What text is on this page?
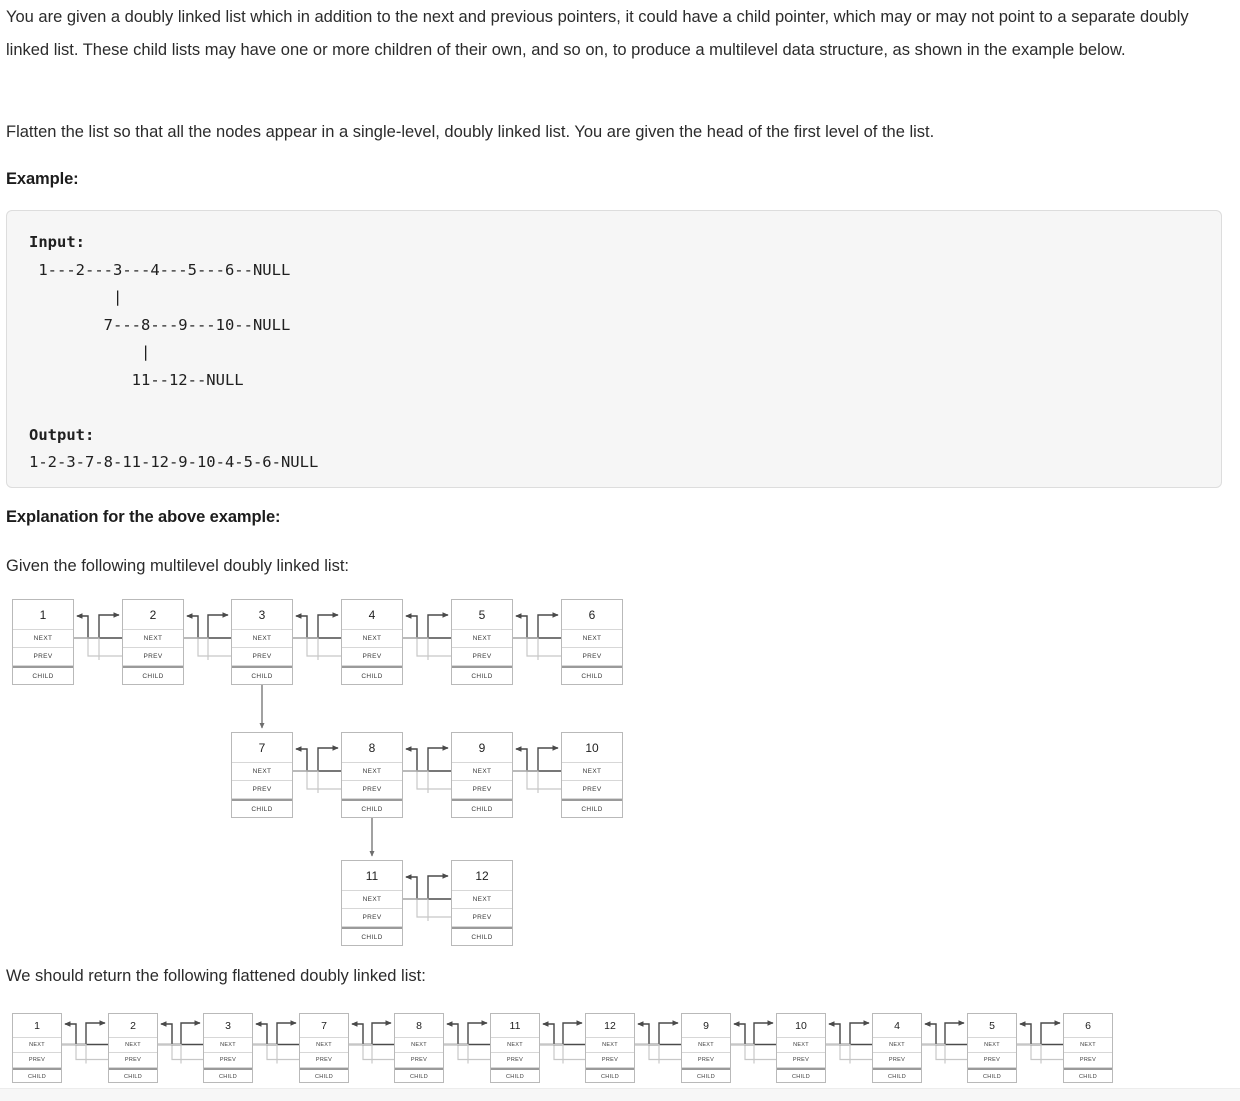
You are given a doubly linked list which in addition to the next and previous pointers, it could have a child pointer, which may or may not point to a separate doubly linked list. These child lists may have one or more children of their own, and so on, to produce a multilevel data structure, as shown in the example below.
Flatten the list so that all the nodes appear in a single-level, doubly linked list. You are given the head of the first level of the list.
Example:
Input:
1---2---3---4---5---6--NULL
|
7---8---9---10--NULL
|
11--12--NULL

Output:
1-2-3-7-8-11-12-9-10-4-5-6-NULL
Explanation for the above example:
Given the following multilevel doubly linked list:
1
NEXT
PREV
CHILD
2
NEXT
PREV
CHILD
3
NEXT
PREV
CHILD
4
NEXT
PREV
CHILD
5
NEXT
PREV
CHILD
6
NEXT
PREV
CHILD
7
NEXT
PREV
CHILD
8
NEXT
PREV
CHILD
9
NEXT
PREV
CHILD
10
NEXT
PREV
CHILD
11
NEXT
PREV
CHILD
12
NEXT
PREV
CHILD
We should return the following flattened doubly linked list:
1
NEXT
PREV
CHILD
2
NEXT
PREV
CHILD
3
NEXT
PREV
CHILD
7
NEXT
PREV
CHILD
8
NEXT
PREV
CHILD
11
NEXT
PREV
CHILD
12
NEXT
PREV
CHILD
9
NEXT
PREV
CHILD
10
NEXT
PREV
CHILD
4
NEXT
PREV
CHILD
5
NEXT
PREV
CHILD
6
NEXT
PREV
CHILD
